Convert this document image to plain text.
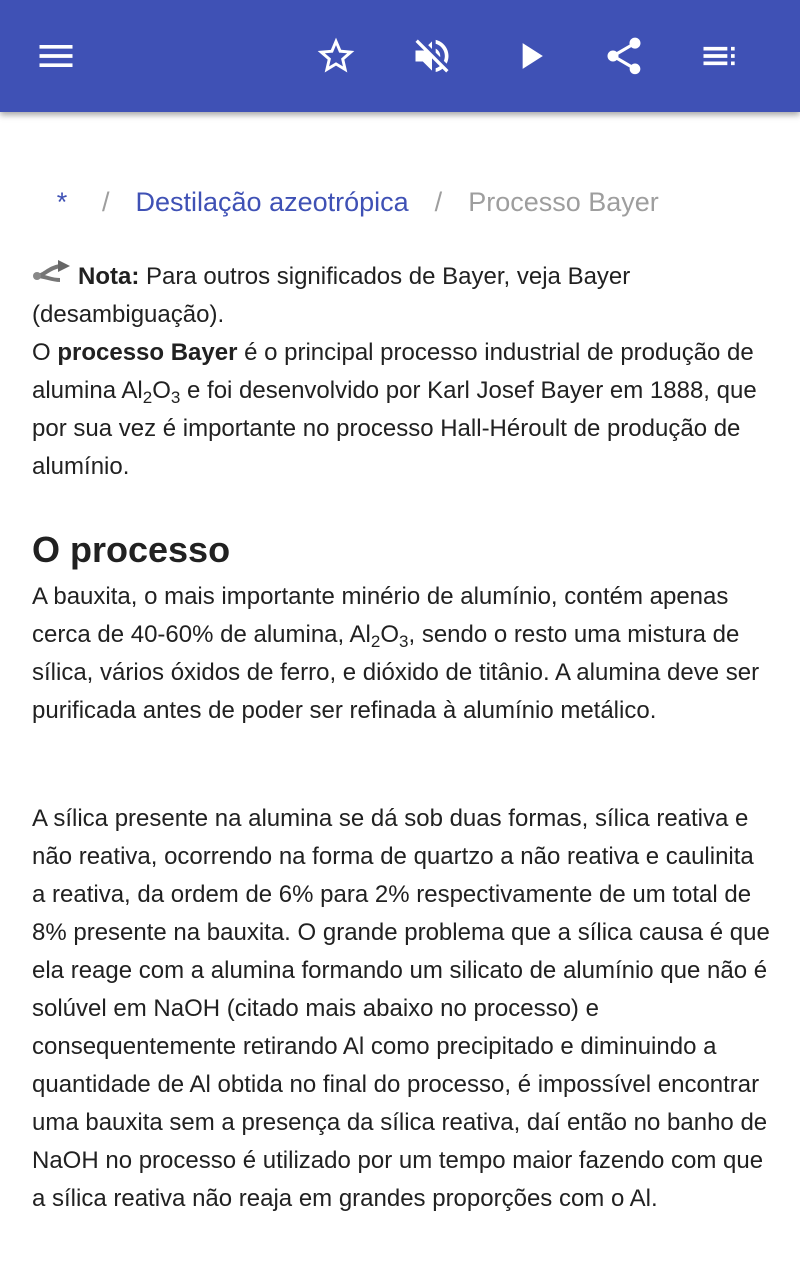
* / Destilação azeotrópica / Processo Bayer

Nota: Para outros significados de Bayer, veja Bayer (desambiguação).

O processo Bayer é o principal processo industrial de produção de alumina $Al_2O_3$ e foi desenvolvido por Karl Josef Bayer em 1888, que por sua vez é importante no processo Hall-Héroult de produção de alumínio.

O processo

A bauxita, o mais importante minério de alumínio, contém apenas cerca de 40-60% de alumina, $Al_2O_3$, sendo o resto uma mistura de sílica, vários óxidos de ferro, e dióxido de titânio. A alumina deve ser purificada antes de poder ser refinada à alumínio metálico.

A sílica presente na alumina se dá sob duas formas, sílica reativa e não reativa, ocorrendo na forma de quartzo a não reativa e caulinita a reativa, da ordem de 6% para 2% respectivamente de um total de 8% presente na bauxita. O grande problema que a sílica causa é que ela reage com a alumina formando um silicato de alumínio que não é solúvel em NaOH (citado mais abaixo no processo) e consequentemente retirando Al como precipitado e diminuindo a quantidade de Al obtida no final do processo, é impossível encontrar uma bauxita sem a presença da sílica reativa, daí então no banho de NaOH no processo é utilizado por um tempo maior fazendo com que a sílica reativa não reaja em grandes proporções com o Al.
